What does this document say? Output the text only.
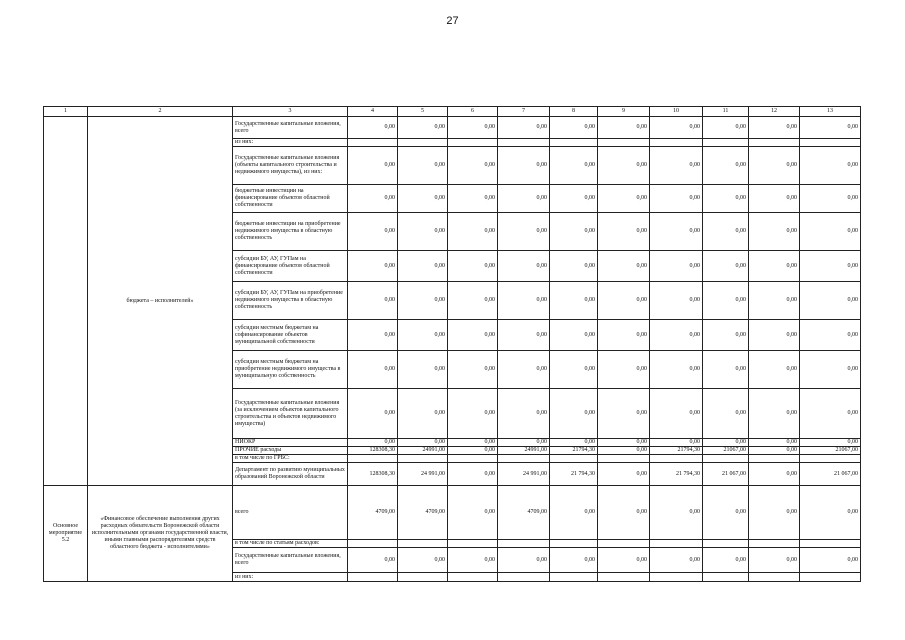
27
1	2	3	4	5	6	7	8	9	10	11	12	13
	бюджета – исполнителей»	Государственные капитальные вложения, всего	0,00	0,00	0,00	0,00	0,00	0,00	0,00	0,00	0,00	0,00
		из них:										
		Государственные капитальные вложения (объекты капитального строительства и недвижимого имущества), из них:	0,00	0,00	0,00	0,00	0,00	0,00	0,00	0,00	0,00	0,00
		бюджетные инвестиции на финансирование объектов областной собственности	0,00	0,00	0,00	0,00	0,00	0,00	0,00	0,00	0,00	0,00
		бюджетные инвестиции на приобретение недвижимого имущества в областную собственность	0,00	0,00	0,00	0,00	0,00	0,00	0,00	0,00	0,00	0,00
		субсидии БУ, АУ, ГУПам на финансирование объектов областной собственности	0,00	0,00	0,00	0,00	0,00	0,00	0,00	0,00	0,00	0,00
		субсидии БУ, АУ, ГУПам на приобретение недвижимого имущества в областную собственность	0,00	0,00	0,00	0,00	0,00	0,00	0,00	0,00	0,00	0,00
		субсидии местным бюджетам на софинансирование объектов муниципальной собственности	0,00	0,00	0,00	0,00	0,00	0,00	0,00	0,00	0,00	0,00
		субсидии местным бюджетам на приобретение недвижимого имущества в муниципальную собственность	0,00	0,00	0,00	0,00	0,00	0,00	0,00	0,00	0,00	0,00
		Государственные капитальные вложения (за исключением объектов капитального строительства и объектов недвижимого имущества)	0,00	0,00	0,00	0,00	0,00	0,00	0,00	0,00	0,00	0,00
		НИОКР	0,00	0,00	0,00	0,00	0,00	0,00	0,00	0,00	0,00	0,00
		ПРОЧИЕ расходы	128308,30	24991,00	0,00	24991,00	21794,30	0,00	21794,30	21067,00	0,00	21067,00
		в том числе по ГРБС:										
		Департамент по развитию муниципальных образований Воронежской области	128308,30	24 991,00	0,00	24 991,00	21 794,30	0,00	21 794,30	21 067,00	0,00	21 067,00
Основное мероприятие 5.2	«Финансовое обеспечение выполнения других расходных обязательств Воронежской области исполнительными органами государственной власти, иными главными распорядителями средств областного бюджета - исполнителями»	всего	4709,00	4709,00	0,00	4709,00	0,00	0,00	0,00	0,00	0,00	0,00
		в том числе по статьям расходов:										
		Государственные капитальные вложения, всего	0,00	0,00	0,00	0,00	0,00	0,00	0,00	0,00	0,00	0,00
		из них:										
